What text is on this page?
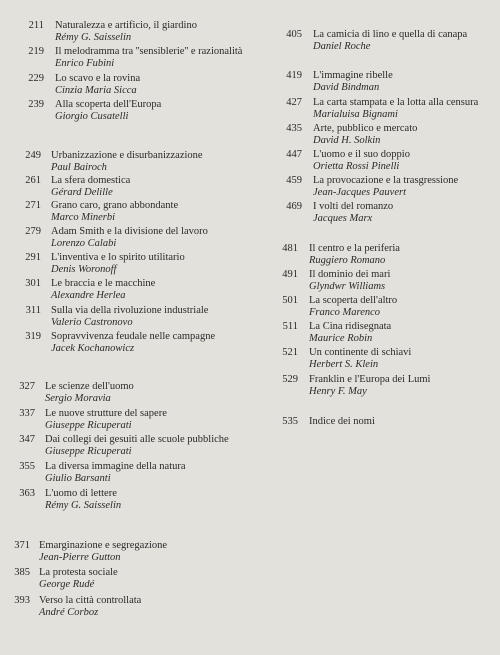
211 Naturalezza e artificio, il giardino
Rémy G. Saisselin
219 Il melodramma tra ''sensiblerie'' e razionalità
Enrico Fubini
229 Lo scavo e la rovina
Cinzia Maria Sicca
239 Alla scoperta dell'Europa
Giorgio Cusatelli
249 Urbanizzazione e disurbanizzazione
Paul Bairoch
261 La sfera domestica
Gérard Delille
271 Grano caro, grano abbondante
Marco Minerbi
279 Adam Smith e la divisione del lavoro
Lorenzo Calabi
291 L'inventiva e lo spirito utilitario
Denis Woronoff
301 Le braccia e le macchine
Alexandre Herlea
311 Sulla via della rivoluzione industriale
Valerio Castronovo
319 Sopravvivenza feudale nelle campagne
Jacek Kochanowicz
327 Le scienze dell'uomo
Sergio Moravia
337 Le nuove strutture del sapere
Giuseppe Ricuperati
347 Dai collegi dei gesuiti alle scuole pubbliche
Giuseppe Ricuperati
355 La diversa immagine della natura
Giulio Barsanti
363 L'uomo di lettere
Rémy G. Saisselin
371 Emarginazione e segregazione
Jean-Pierre Gutton
385 La protesta sociale
George Rudé
393 Verso la città controllata
André Corboz
405 La camicia di lino e quella di canapa
Daniel Roche
419 L'immagine ribelle
David Bindman
427 La carta stampata e la lotta alla censura
Marialuisa Bignami
435 Arte, pubblico e mercato
David H. Solkin
447 L'uomo e il suo doppio
Orietta Rossi Pinelli
459 La provocazione e la trasgressione
Jean-Jacques Pauvert
469 I volti del romanzo
Jacques Marx
481 Il centro e la periferia
Ruggiero Romano
491 Il dominio dei mari
Glyndwr Williams
501 La scoperta dell'altro
Franco Marenco
511 La Cina ridisegnata
Maurice Robin
521 Un continente di schiavi
Herbert S. Klein
529 Franklin e l'Europa dei Lumi
Henry F. May
535 Indice dei nomi
